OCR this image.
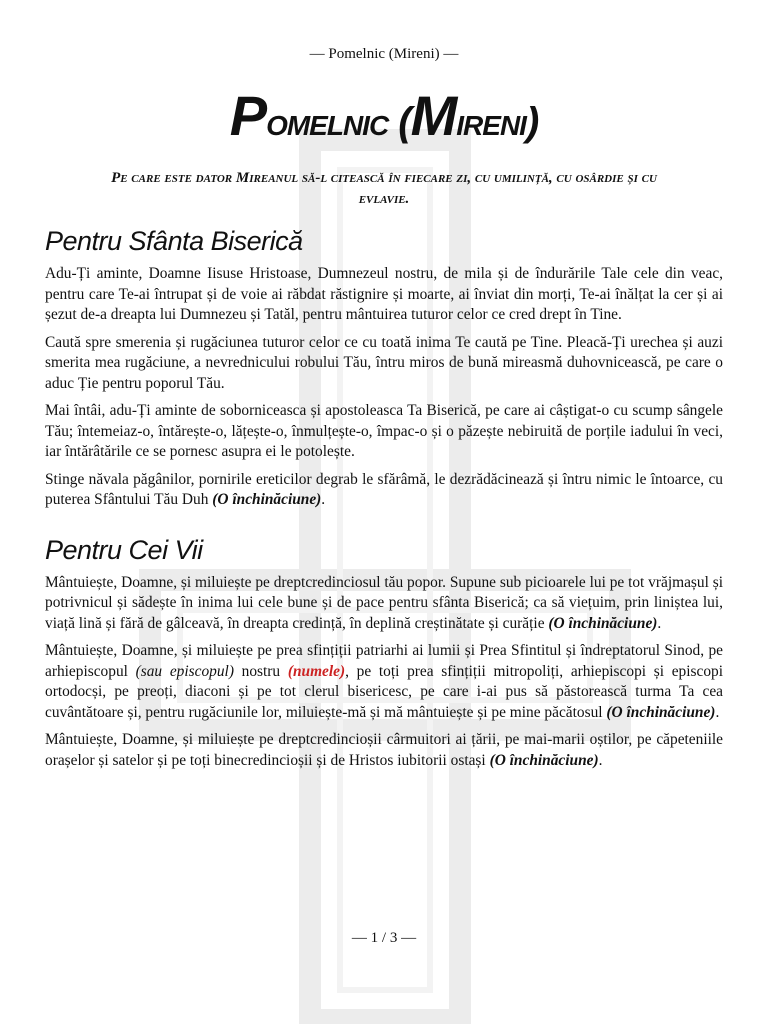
— Pomelnic (Mireni) —
Pomelnic (Mireni)
Pe care este dator Mireanul să-l citească în fiecare zi, cu umilință, cu osârdie și cu evlavie.
Pentru Sfânta Biserică

Adu-Ți aminte, Doamne Iisuse Hristoase, Dumnezeul nostru, de mila și de îndurările Tale cele din veac, pentru care Te-ai întrupat și de voie ai răbdat răstignire și moarte, ai înviat din morți, Te-ai înălțat la cer și ai șezut de-a dreapta lui Dumnezeu și Tatăl, pentru mântuirea tuturor celor ce cred drept în Tine.

Caută spre smerenia și rugăciunea tuturor celor ce cu toată inima Te caută pe Tine. Pleacă-Ți urechea și auzi smerita mea rugăciune, a nevrednicului robului Tău, întru miros de bună mireasmă duhovnicească, pe care o aduc Ție pentru poporul Tău.

Mai întâi, adu-Ți aminte de soborniceasca și apostoleasca Ta Biserică, pe care ai câștigat-o cu scump sângele Tău; întemeiaz-o, întărește-o, lățește-o, înmulțește-o, împac-o și o păzește nebiruită de porțile iadului în veci, iar întărâtările ce se pornesc asupra ei le potolește.

Stinge năvala păgânilor, pornirile ereticilor degrab le sfărâmă, le dezrădăcinează și întru nimic le întoarce, cu puterea Sfântului Tău Duh (O închinăciune).

Pentru Cei Vii

Mântuiește, Doamne, și miluiește pe dreptcredinciosul tău popor. Supune sub picioarele lui pe tot vrăjmașul și potrivnicul și sădește în inima lui cele bune și de pace pentru sfânta Biserică; ca să viețuim, prin liniștea lui, viață lină și fără de gâlceavă, în dreapta credință, în deplină creștinătate și curăție (O închinăciune).

Mântuiește, Doamne, și miluiește pe prea sfințiții patriarhi ai lumii și Prea Sfintitul și îndreptatorul Sinod, pe arhiepiscopul (sau episcopul) nostru (numele), pe toți prea sfințiții mitropoliți, arhiepiscopi și episcopi ortodocși, pe preoți, diaconi și pe tot clerul bisericesc, pe care i-ai pus să păstorească turma Ta cea cuvântătoare și, pentru rugăciunile lor, miluiește-mă și mă mântuiește și pe mine păcătosul (O închinăciune).

Mântuiește, Doamne, și miluiește pe dreptcredincioșii cârmuitori ai țării, pe mai-marii oștilor, pe căpeteniile orașelor și satelor și pe toți binecredincioșii și de Hristos iubitorii ostași (O închinăciune).

— 1 / 3 —
